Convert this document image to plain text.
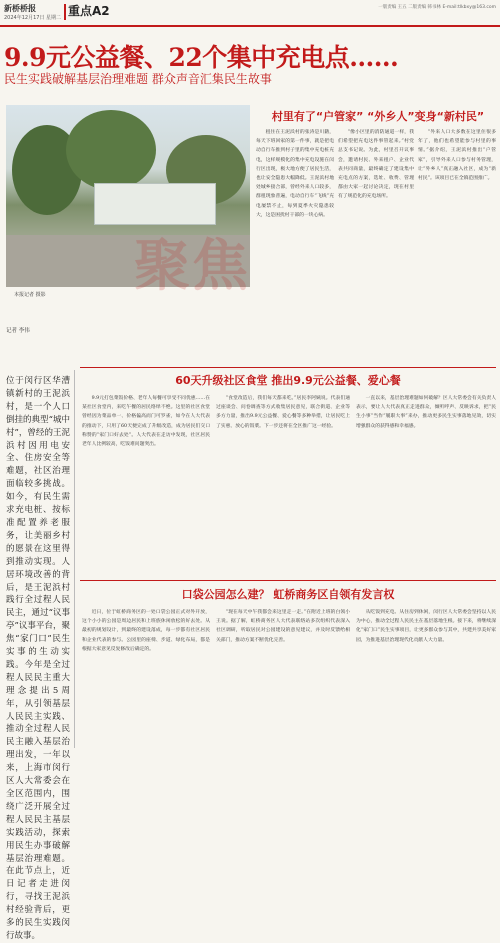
新桥桥报
2024年12月17日 星期二 重点A2	一版责编 王五 二版责编 韩书林 E-mail:tlkbxy@163.com
9.9元公益餐、22个集中充电点……
民生实践破解基层治理难题 群众声音汇集民生故事
本报记者 摄影 聚焦
记者 李伟
位于闵行区华漕镇新村的王泥浜村，是一个人口倒挂的典型“城中村”，曾经的王泥浜村因用电安全、住房安全等难题，社区治理面临较多挑战。如今，有民生需求充电桩、按标准配置养老服务，让美丽乡村的愿景在这里得到推动实现。人居环境改善的背后，是王泥浜村践行全过程人民民主，通过“议事亭”议事平台，聚焦“家门口”民生实事的生动实践。今年是全过程人民民主重大理念提出5周年，从引领基层人民民主实践、推动全过程人民民主融入基层治理出发，一年以来，上海市闵行区人大常委会在全区范围内，围绕广泛开展全过程人民民主基层实践活动，探索用民生办事破解基层治理难题。在此节点上，近日记者走进闵行，寻找王泥浜村经验背后，更多的民生实践闵行故事。
村里有了“户管家” “外乡人”变身“新村民”
租住在王泥浜村的张涛是川籍，每天下班回家的第一件事，就是把电动自行车推到村子里的集中充电桩充电，这样规模化的集中充电设施在闵行区出现，极大地方便了居民生活，也让安全隐患大幅降低。王泥浜村地处城乡接合部，曾经外来人口较多，群租现象普遍，电动自行车“飞线”充电屡禁不止，每到夏季火灾隐患较大，这是困扰村干部的一块心病。
“像小区里的消防通道一样，我们希望把充电这件事管起来。”村党总支书记说。为此，村里召开议事会，邀请村民、外来租户、企业代表共同商量，最终确定了建设集中充电点的方案，选址、收费、管理都由大家一起讨论决定，现在村里有了规范化的充电场所。
“外来人口大多数在这里住很多年了，他们也希望能参与村里的事情。”据介绍，王泥浜村推出“户管家”，引导外来人口参与村务管理，让“外乡人”真正融入社区，成为“新村民”。该项目已在全镇范围推广。
60天升级社区食堂 推出9.9元公益餐、爱心餐
9.9元打包菜饭价格、老年人每餐可享受不同优惠……在某社区食堂内，来吃午餐的居民络绎不绝。这里的社区食堂曾经因为菜品单一、价格偏高而门可罗雀，如今在人大代表的推动下，只用了60天便完成了升级改造，成为居民们交口称赞的“家门口好去处”。人大代表在走访中发现，社区居民老年人比例较高，吃饭难问题突出。
“食堂改造后，我们每天都来吃。”居民李阿姨说。代表们通过座谈会、问卷调查等方式收集居民意见，联合街道、企业等多方力量，推出9.9元公益餐、爱心餐等多种举措，让居民吃上了实惠、放心的饭菜。下一步还将在全区推广这一经验。
一直以来，基层治理难题如何破解？区人大常委会有关负责人表示，要让人大代表真正走进群众，倾听呼声、反映诉求，把“民生小事”当作“履职大事”来办，推动更多民生实事落地见效，切实增强群众的获得感和幸福感。
口袋公园怎么建？ 虹桥商务区自领有发言权
近日，位于虹桥商务区的一处口袋公园正式对外开放，这个小小的公园是周边居民和上班族休闲放松的好去处。从最初的规划设计，到最终的建设落成，每一步都有社区居民和企业代表的参与。公园里的座椅、步道、绿化布局，都是根据大家意见反复修改后确定的。
“现在每天中午我都会来这里走一走。”在附近上班的白领小王说。据了解，虹桥商务区人大代表联络站多次组织代表深入社区调研，听取居民对公园建设的意见建议，并及时反馈给相关部门，推动方案不断优化完善。
从吃饭到充电、从住房到休闲，闵行区人大常委会坚持以人民为中心，推动全过程人民民主在基层落地生根。接下来，将继续深化“家门口”民生实事项目，让更多群众参与其中，共建共享美好家园，为推进基层治理现代化贡献人大力量。
